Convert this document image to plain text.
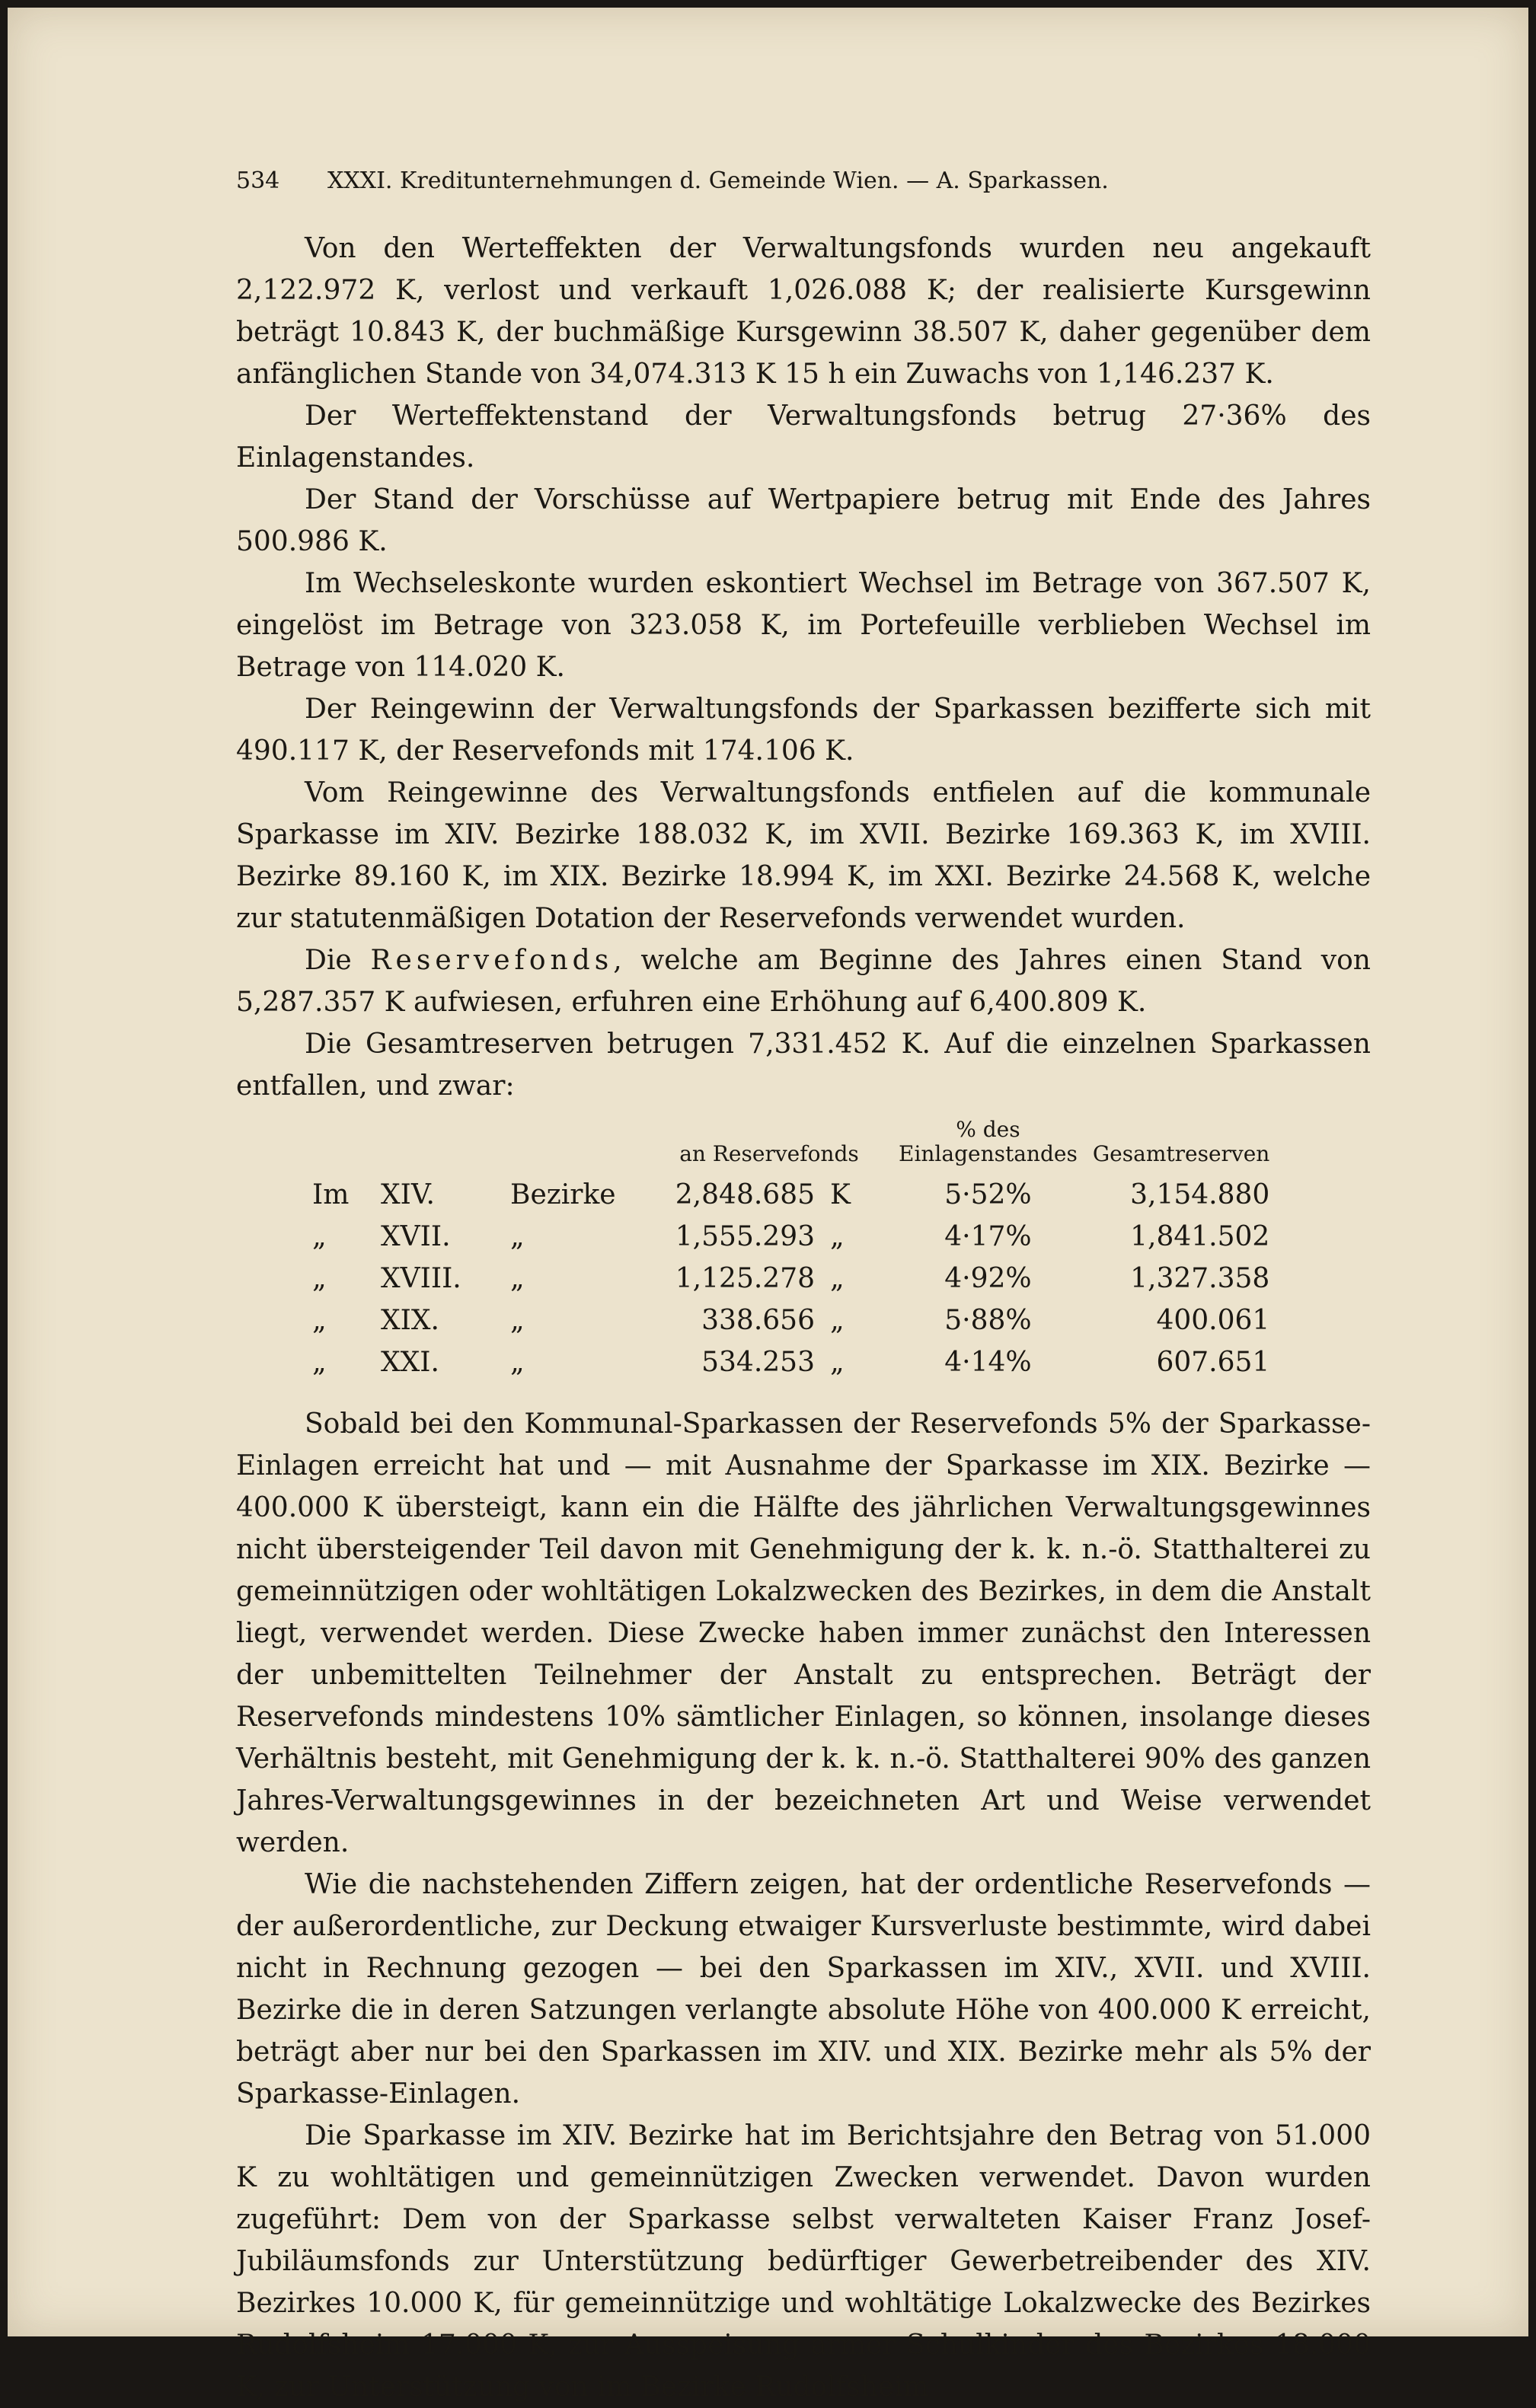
534 XXXI. Kreditunternehmungen d. Gemeinde Wien. — A. Sparkassen.

Von den Werteffekten der Verwaltungsfonds wurden neu angekauft 2,122.972 K, verlost und verkauft 1,026.088 K; der realisierte Kursgewinn beträgt 10.843 K, der buchmäßige Kursgewinn 38.507 K, daher gegenüber dem anfänglichen Stande von 34,074.313 K 15 h ein Zuwachs von 1,146.237 K.

Der Werteffektenstand der Verwaltungsfonds betrug 27·36% des Einlagenstandes.

Der Stand der Vorschüsse auf Wertpapiere betrug mit Ende des Jahres 500.986 K.

Im Wechseleskonte wurden eskontiert Wechsel im Betrage von 367.507 K, eingelöst im Betrage von 323.058 K, im Portefeuille verblieben Wechsel im Betrage von 114.020 K.

Der Reingewinn der Verwaltungsfonds der Sparkassen bezifferte sich mit 490.117 K, der Reservefonds mit 174.106 K.

Vom Reingewinne des Verwaltungsfonds entfielen auf die kommunale Sparkasse im XIV. Bezirke 188.032 K, im XVII. Bezirke 169.363 K, im XVIII. Bezirke 89.160 K, im XIX. Bezirke 18.994 K, im XXI. Bezirke 24.568 K, welche zur statutenmäßigen Dotation der Reservefonds verwendet wurden.

Die Reservefonds, welche am Beginne des Jahres einen Stand von 5,287.357 K aufwiesen, erfuhren eine Erhöhung auf 6,400.809 K.

Die Gesamtreserven betrugen 7,331.452 K. Auf die einzelnen Sparkassen entfallen, und zwar:

			an Reservefonds		% des Einlagenstandes	Gesamtreserven
Im	XIV.	Bezirke	2,848.685	K	5·52%	3,154.880
„	XVII.	„	1,555.293	„	4·17%	1,841.502
„	XVIII.	„	1,125.278	„	4·92%	1,327.358
„	XIX.	„	338.656	„	5·88%	400.061
„	XXI.	„	534.253	„	4·14%	607.651

Sobald bei den Kommunal-Sparkassen der Reservefonds 5% der Sparkasse-Einlagen erreicht hat und — mit Ausnahme der Sparkasse im XIX. Bezirke — 400.000 K übersteigt, kann ein die Hälfte des jährlichen Verwaltungsgewinnes nicht übersteigender Teil davon mit Genehmigung der k. k. n.-ö. Statthalterei zu gemeinnützigen oder wohltätigen Lokalzwecken des Bezirkes, in dem die Anstalt liegt, verwendet werden. Diese Zwecke haben immer zunächst den Interessen der unbemittelten Teilnehmer der Anstalt zu entsprechen. Beträgt der Reservefonds mindestens 10% sämtlicher Einlagen, so können, insolange dieses Verhältnis besteht, mit Genehmigung der k. k. n.-ö. Statthalterei 90% des ganzen Jahres-Verwaltungsgewinnes in der bezeichneten Art und Weise verwendet werden.

Wie die nachstehenden Ziffern zeigen, hat der ordentliche Reservefonds — der außerordentliche, zur Deckung etwaiger Kursverluste bestimmte, wird dabei nicht in Rechnung gezogen — bei den Sparkassen im XIV., XVII. und XVIII. Bezirke die in deren Satzungen verlangte absolute Höhe von 400.000 K erreicht, beträgt aber nur bei den Sparkassen im XIV. und XIX. Bezirke mehr als 5% der Sparkasse-Einlagen.

Die Sparkasse im XIV. Bezirke hat im Berichtsjahre den Betrag von 51.000 K zu wohltätigen und gemeinnützigen Zwecken verwendet. Davon wurden zugeführt: Dem von der Sparkasse selbst verwalteten Kaiser Franz Josef-Jubiläumsfonds zur Unterstützung bedürftiger Gewerbetreibender des XIV. Bezirkes 10.000 K, für gemeinnützige und wohltätige Lokalzwecke des Bezirkes Rudolfsheim 17.000 K, zur Ausspeisung armer Schulkinder des Bezirkes 18.000 K, zur Unterstützung von im Bezirke Rudolfsheim
